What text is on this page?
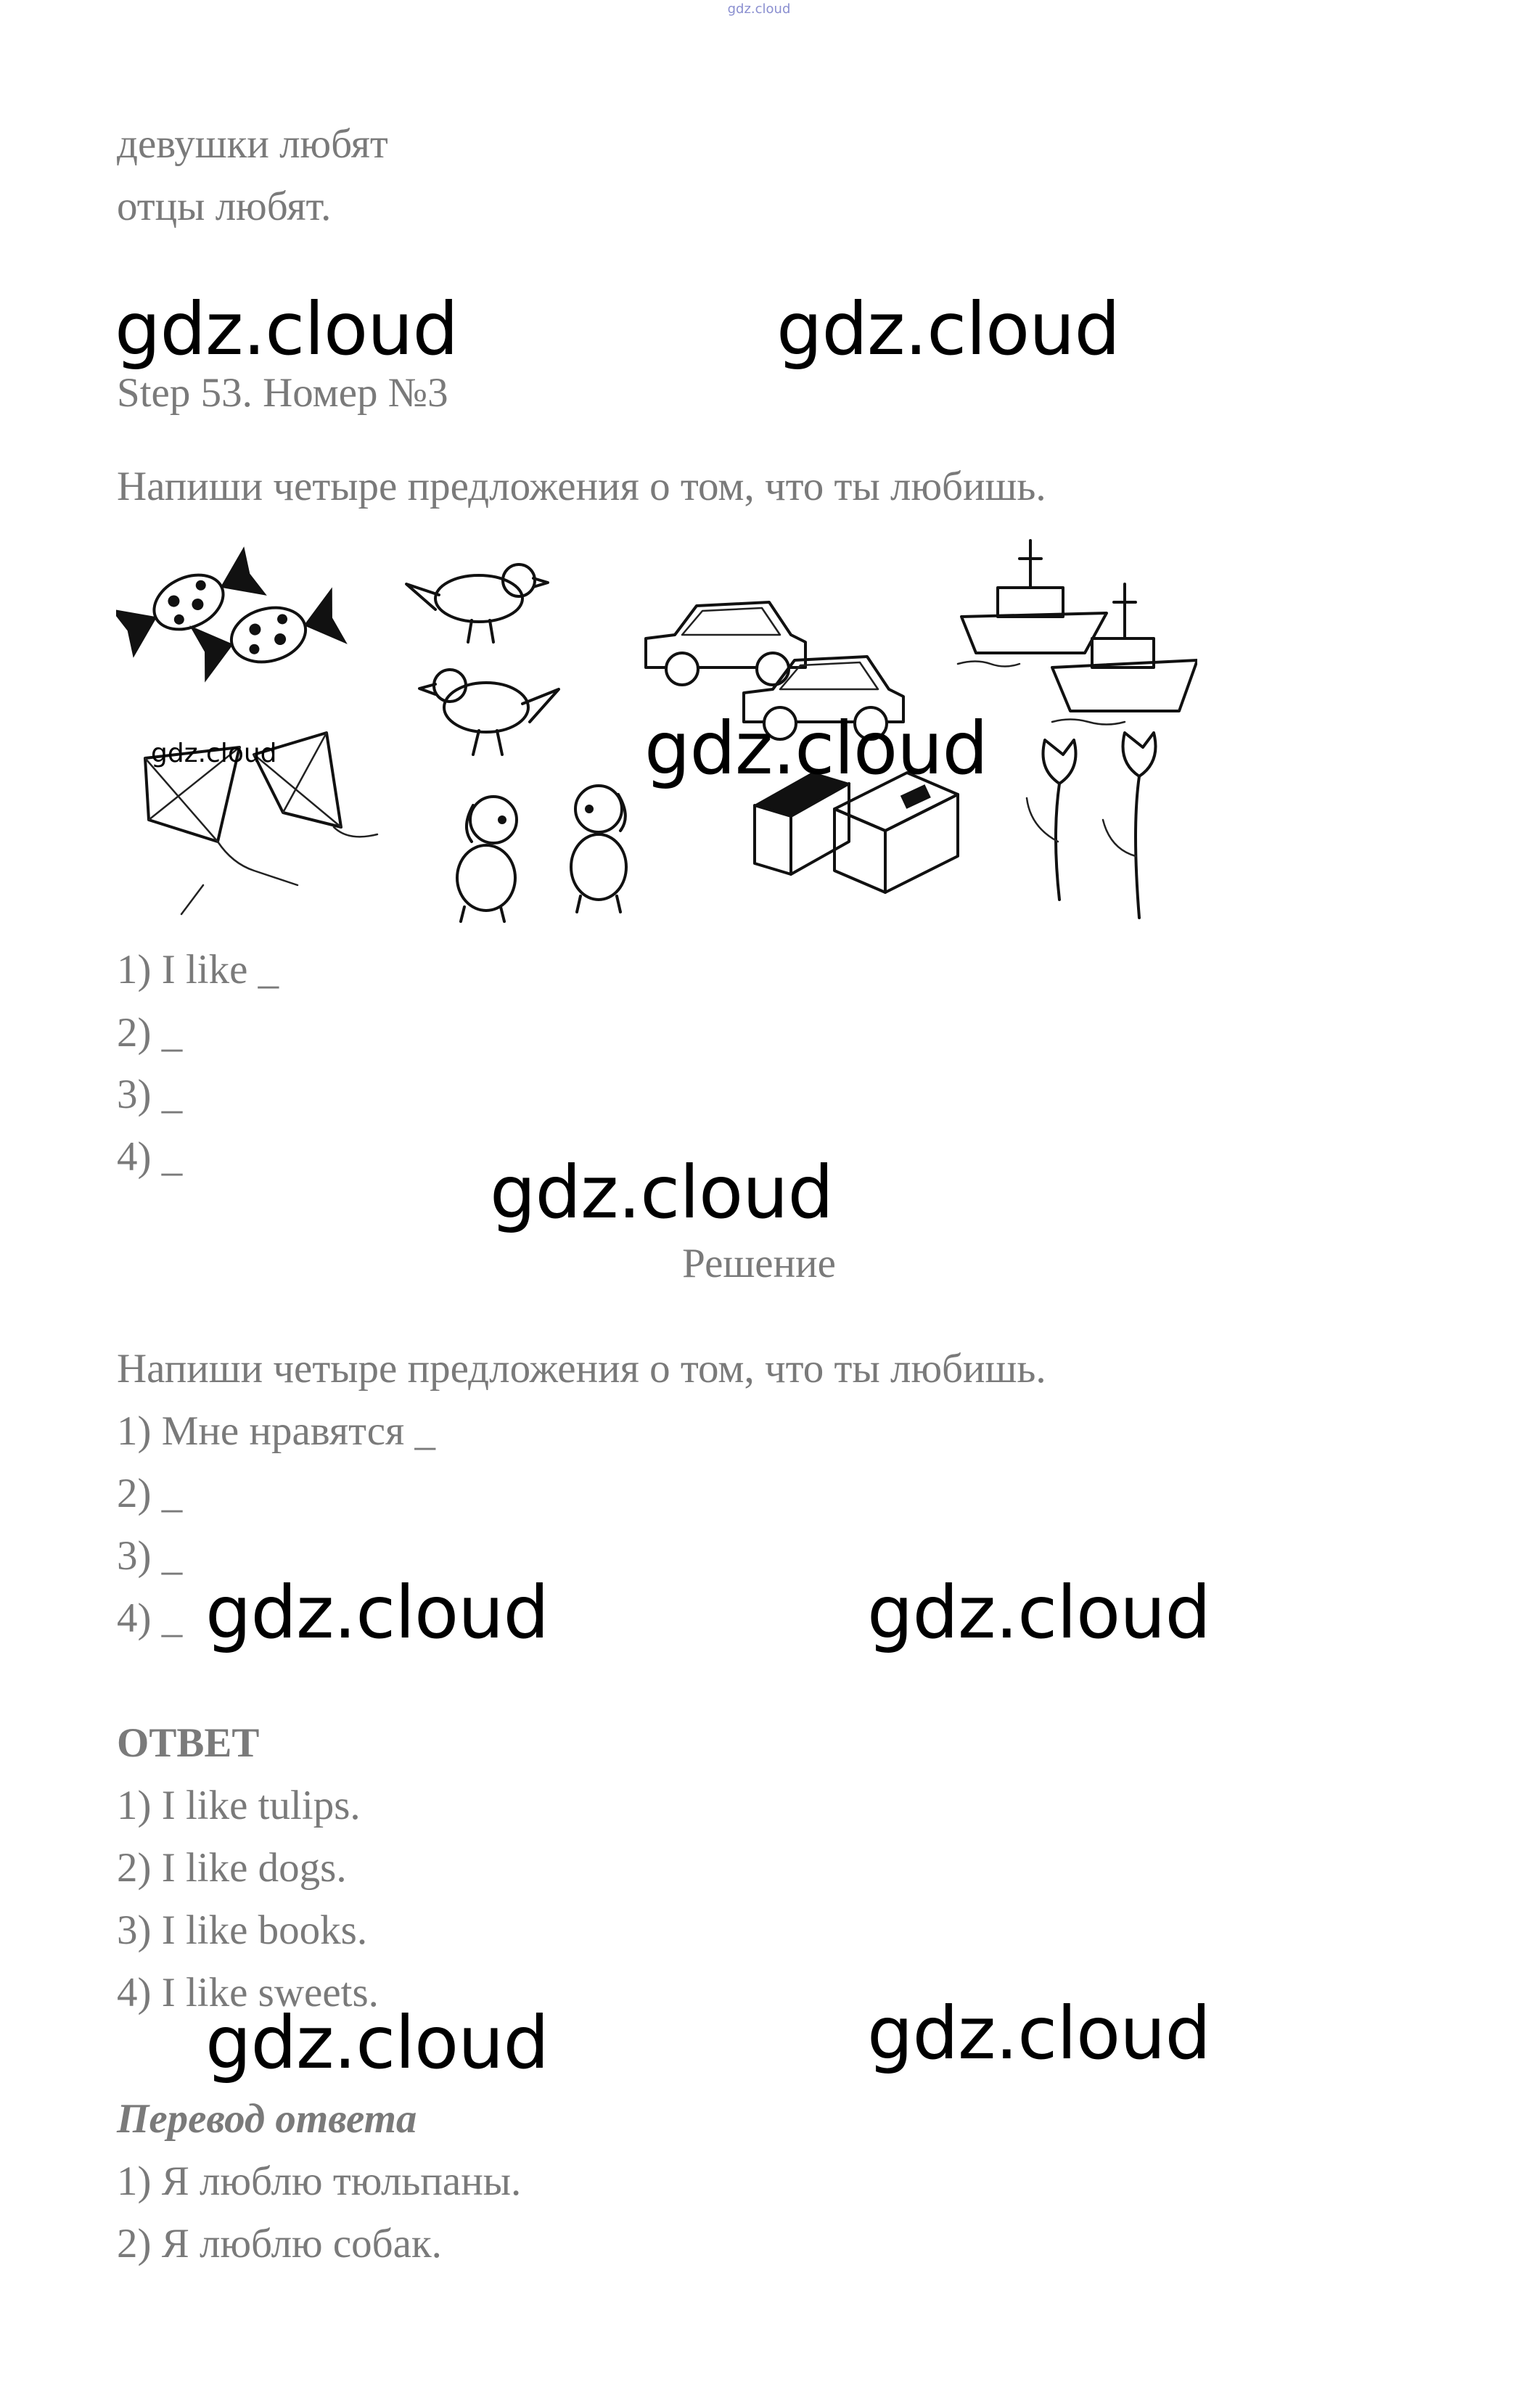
gdz.cloud
девушки любят
отцы любят.
gdz.cloud	gdz.cloud
Step 53. Номер №3
Напиши четыре предложения о том, что ты любишь.
gdz.cloud	gdz.cloud
1) I like _
2) _
3) _
4) _	gdz.cloud
Решение
Напиши четыре предложения о том, что ты любишь.
1) Мне нравятся _
2) _
3) _
4) _ gdz.cloud	gdz.cloud
ОТВЕТ
1) I like tulips.
2) I like dogs.
3) I like books.
4) I like sweets.
gdz.cloud	gdz.cloud
Перевод ответа
1) Я люблю тюльпаны.
2) Я люблю собак.
